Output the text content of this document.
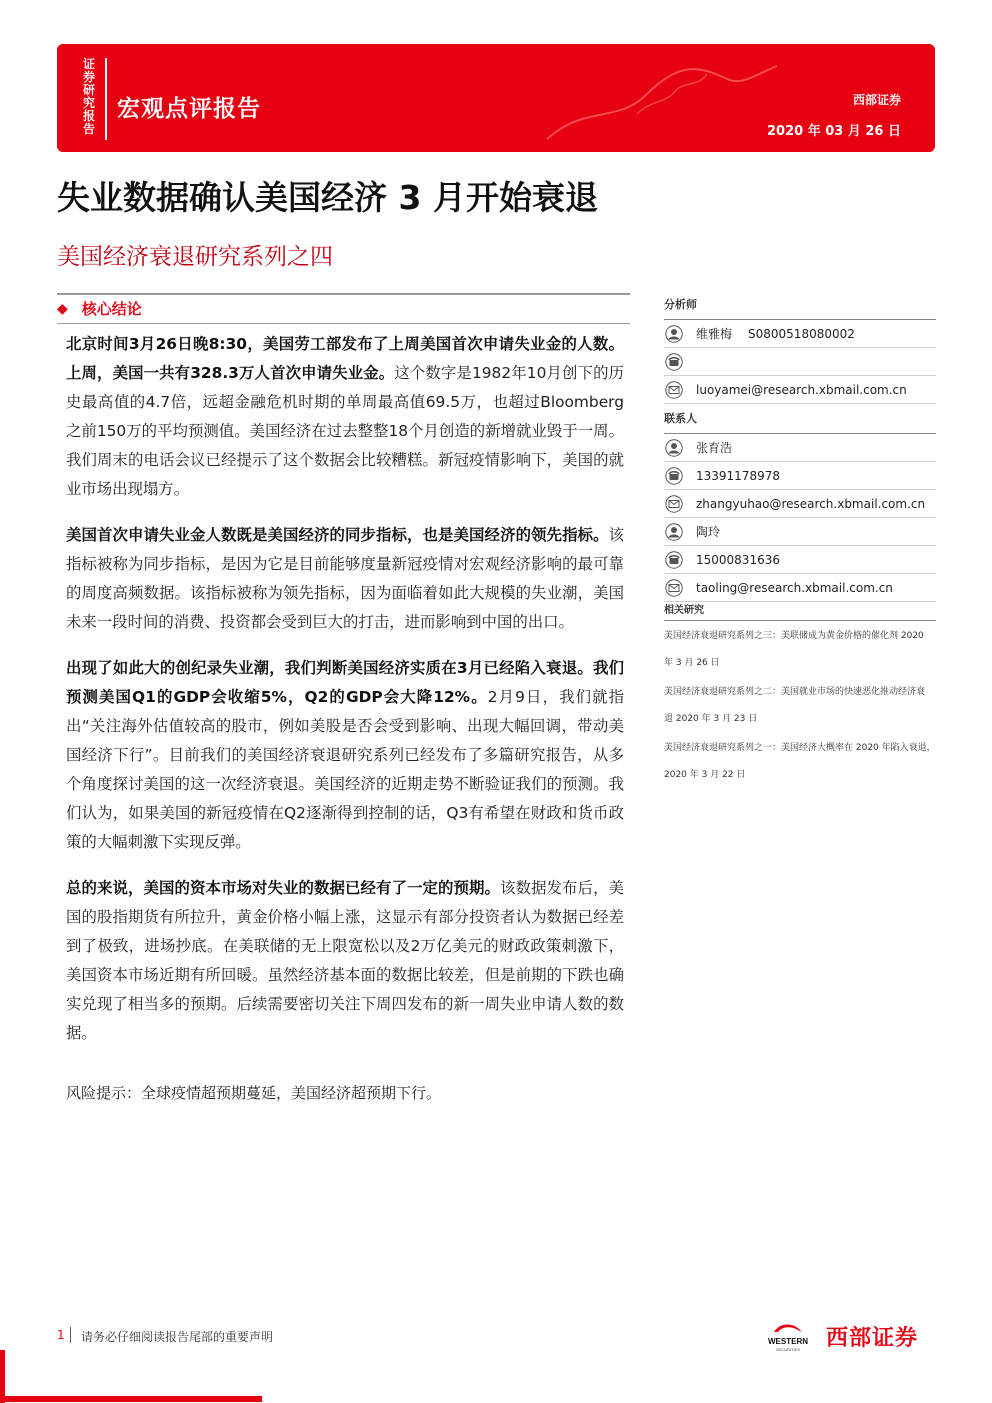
证券研究报告
宏观点评报告	西部证券
2020 年 03 月 26 日
失业数据确认美国经济 3 月开始衰退
美国经济衰退研究系列之四
◆ 核心结论

北京时间3月26日晚8:30，美国劳工部发布了上周美国首次申请失业金的人数。上周，美国一共有328.3万人首次申请失业金。这个数字是1982年10月创下的历史最高值的4.7倍，远超金融危机时期的单周最高值69.5万，也超过Bloomberg之前150万的平均预测值。美国经济在过去整整18个月创造的新增就业毁于一周。我们周末的电话会议已经提示了这个数据会比较糟糕。新冠疫情影响下，美国的就业市场出现塌方。

美国首次申请失业金人数既是美国经济的同步指标，也是美国经济的领先指标。该指标被称为同步指标，是因为它是目前能够度量新冠疫情对宏观经济影响的最可靠的周度高频数据。该指标被称为领先指标，因为面临着如此大规模的失业潮，美国未来一段时间的消费、投资都会受到巨大的打击，进而影响到中国的出口。

出现了如此大的创纪录失业潮，我们判断美国经济实质在3月已经陷入衰退。我们预测美国Q1的GDP会收缩5%，Q2的GDP会大降12%。2月9日，我们就指出“关注海外估值较高的股市，例如美股是否会受到影响、出现大幅回调，带动美国经济下行”。目前我们的美国经济衰退研究系列已经发布了多篇研究报告，从多个角度探讨美国的这一次经济衰退。美国经济的近期走势不断验证我们的预测。我们认为，如果美国的新冠疫情在Q2逐渐得到控制的话，Q3有希望在财政和货币政策的大幅刺激下实现反弹。

总的来说，美国的资本市场对失业的数据已经有了一定的预期。该数据发布后，美国的股指期货有所拉升，黄金价格小幅上涨，这显示有部分投资者认为数据已经差到了极致，进场抄底。在美联储的无上限宽松以及2万亿美元的财政政策刺激下，美国资本市场近期有所回暖。虽然经济基本面的数据比较差，但是前期的下跌也确实兑现了相当多的预期。后续需要密切关注下周四发布的新一周失业申请人数的数据。

风险提示：全球疫情超预期蔓延，美国经济超预期下行。
分析师
维雅梅 S0800518080002
luoyamei@research.xbmail.com.cn
联系人
张育浩
13391178978
zhangyuhao@research.xbmail.com.cn
陶玲
15000831636
taoling@research.xbmail.com.cn
相关研究
美国经济衰退研究系列之三：美联储成为黄金价格的催化剂 2020
年 3 月 26 日
美国经济衰退研究系列之二：美国就业市场的快速恶化推动经济衰
退 2020 年 3 月 23 日
美国经济衰退研究系列之一：美国经济大概率在 2020 年陷入衰退，
2020 年 3 月 22 日
1 请务必仔细阅读报告尾部的重要声明	WESTERN
SECURITIES 西部证券
